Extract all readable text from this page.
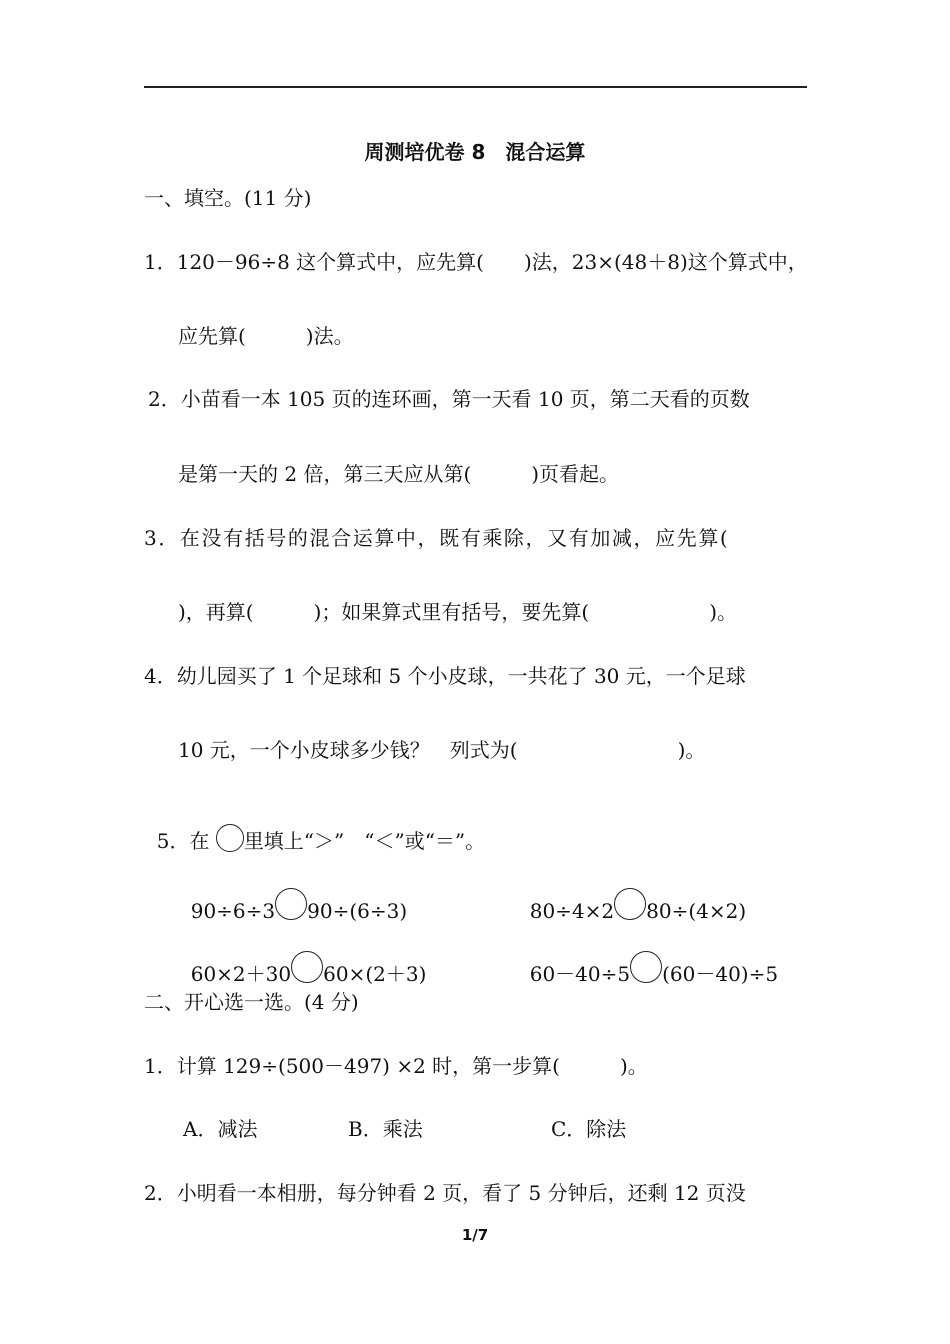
周测培优卷 8　混合运算
一、填空。(11 分)
1．120－96÷8 这个算式中，应先算(　　)法，23×(48＋8)这个算式中，
应先算(　　　)法。
2．小苗看一本 105 页的连环画，第一天看 10 页，第二天看的页数
是第一天的 2 倍，第三天应从第(　　　)页看起。
3．在没有括号的混合运算中，既有乘除，又有加减，应先算(
)，再算(　　　)；如果算式里有括号，要先算(　　　　　　)。
4．幼儿园买了 1 个足球和 5 个小皮球，一共花了 30 元，一个足球
10 元，一个小皮球多少钱？　列式为(　　　　　　　　)。

5．在 里填上“＞”　“＜”或“＝”。

90÷6÷3 90÷(6÷3)	80÷4×2 80÷(4×2)

60×2＋30 60×(2＋3)	60－40÷5 (60－40)÷5

二、开心选一选。(4 分)
1．计算 129÷(500－497) ×2 时，第一步算(　　　)。
A．减法	B．乘法	C．除法
2．小明看一本相册，每分钟看 2 页，看了 5 分钟后，还剩 12 页没
1/7
